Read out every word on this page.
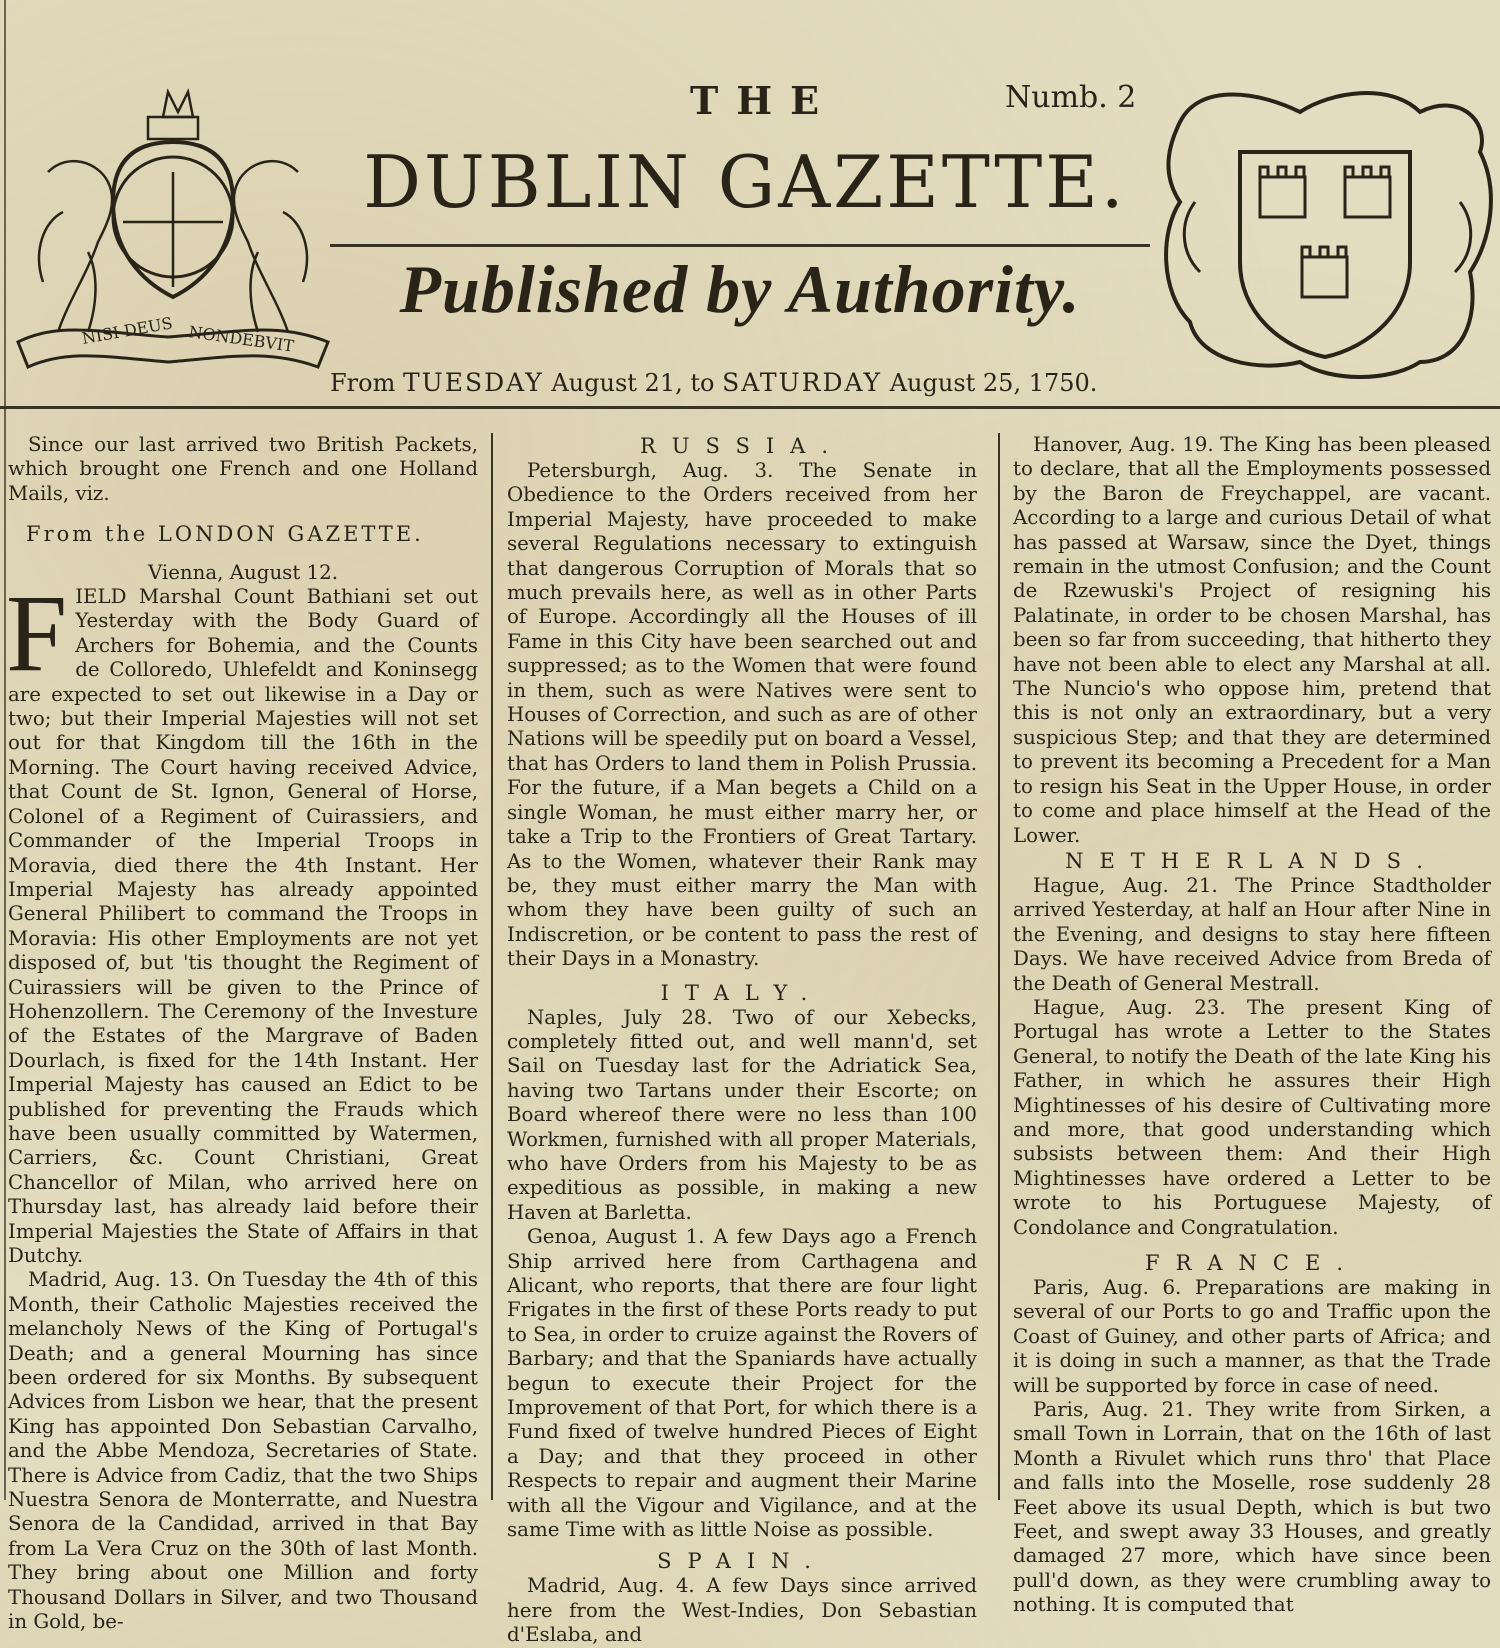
NISI DEUS NONDEBVIT
THE	Numb. 2
DUBLIN GAZETTE.
Published by Authority.
From TUESDAY August 21, to SATURDAY August 25, 1750.

Since our last arrived two British Packets, which brought one French and one Holland Mails, viz.

From the LONDON GAZETTE.

Vienna, August 12.

FIELD Marshal Count Bathiani set out Yesterday with the Body Guard of Archers for Bohemia, and the Counts de Colloredo, Uhlefeldt and Koninsegg are expected to set out likewise in a Day or two; but their Imperial Majesties will not set out for that Kingdom till the 16th in the Morning. The Court having received Advice, that Count de St. Ignon, General of Horse, Colonel of a Regiment of Cuirassiers, and Commander of the Imperial Troops in Moravia, died there the 4th Instant. Her Imperial Majesty has already appointed General Philibert to command the Troops in Moravia: His other Employments are not yet disposed of, but 'tis thought the Regiment of Cuirassiers will be given to the Prince of Hohenzollern. The Ceremony of the Investure of the Estates of the Margrave of Baden Dourlach, is fixed for the 14th Instant. Her Imperial Majesty has caused an Edict to be published for preventing the Frauds which have been usually committed by Watermen, Carriers, &c. Count Christiani, Great Chancellor of Milan, who arrived here on Thursday last, has already laid before their Imperial Majesties the State of Affairs in that Dutchy.

Madrid, Aug. 13. On Tuesday the 4th of this Month, their Catholic Majesties received the melancholy News of the King of Portugal's Death; and a general Mourning has since been ordered for six Months. By subsequent Advices from Lisbon we hear, that the present King has appointed Don Sebastian Carvalho, and the Abbe Mendoza, Secretaries of State. There is Advice from Cadiz, that the two Ships Nuestra Senora de Monterratte, and Nuestra Senora de la Candidad, arrived in that Bay from La Vera Cruz on the 30th of last Month. They bring about one Million and forty Thousand Dollars in Silver, and two Thousand in Gold, be-

RUSSIA.

Petersburgh, Aug. 3. The Senate in Obedience to the Orders received from her Imperial Majesty, have proceeded to make several Regulations necessary to extinguish that dangerous Corruption of Morals that so much prevails here, as well as in other Parts of Europe. Accordingly all the Houses of ill Fame in this City have been searched out and suppressed; as to the Women that were found in them, such as were Natives were sent to Houses of Correction, and such as are of other Nations will be speedily put on board a Vessel, that has Orders to land them in Polish Prussia. For the future, if a Man begets a Child on a single Woman, he must either marry her, or take a Trip to the Frontiers of Great Tartary. As to the Women, whatever their Rank may be, they must either marry the Man with whom they have been guilty of such an Indiscretion, or be content to pass the rest of their Days in a Monastry.

ITALY.

Naples, July 28. Two of our Xebecks, completely fitted out, and well mann'd, set Sail on Tuesday last for the Adriatick Sea, having two Tartans under their Escorte; on Board whereof there were no less than 100 Workmen, furnished with all proper Materials, who have Orders from his Majesty to be as expeditious as possible, in making a new Haven at Barletta.

Genoa, August 1. A few Days ago a French Ship arrived here from Carthagena and Alicant, who reports, that there are four light Frigates in the first of these Ports ready to put to Sea, in order to cruize against the Rovers of Barbary; and that the Spaniards have actually begun to execute their Project for the Improvement of that Port, for which there is a Fund fixed of twelve hundred Pieces of Eight a Day; and that they proceed in other Respects to repair and augment their Marine with all the Vigour and Vigilance, and at the same Time with as little Noise as possible.

SPAIN.

Madrid, Aug. 4. A few Days since arrived here from the West-Indies, Don Sebastian d'Eslaba, and

Hanover, Aug. 19. The King has been pleased to declare, that all the Employments possessed by the Baron de Freychappel, are vacant. According to a large and curious Detail of what has passed at Warsaw, since the Dyet, things remain in the utmost Confusion; and the Count de Rzewuski's Project of resigning his Palatinate, in order to be chosen Marshal, has been so far from succeeding, that hitherto they have not been able to elect any Marshal at all. The Nuncio's who oppose him, pretend that this is not only an extraordinary, but a very suspicious Step; and that they are determined to prevent its becoming a Precedent for a Man to resign his Seat in the Upper House, in order to come and place himself at the Head of the Lower.

NETHERLANDS.

Hague, Aug. 21. The Prince Stadtholder arrived Yesterday, at half an Hour after Nine in the Evening, and designs to stay here fifteen Days. We have received Advice from Breda of the Death of General Mestrall.

Hague, Aug. 23. The present King of Portugal has wrote a Letter to the States General, to notify the Death of the late King his Father, in which he assures their High Mightinesses of his desire of Cultivating more and more, that good understanding which subsists between them: And their High Mightinesses have ordered a Letter to be wrote to his Portuguese Majesty, of Condolance and Congratulation.

FRANCE.

Paris, Aug. 6. Preparations are making in several of our Ports to go and Traffic upon the Coast of Guiney, and other parts of Africa; and it is doing in such a manner, as that the Trade will be supported by force in case of need.

Paris, Aug. 21. They write from Sirken, a small Town in Lorrain, that on the 16th of last Month a Rivulet which runs thro' that Place and falls into the Moselle, rose suddenly 28 Feet above its usual Depth, which is but two Feet, and swept away 33 Houses, and greatly damaged 27 more, which have since been pull'd down, as they were crumbling away to nothing. It is computed that
